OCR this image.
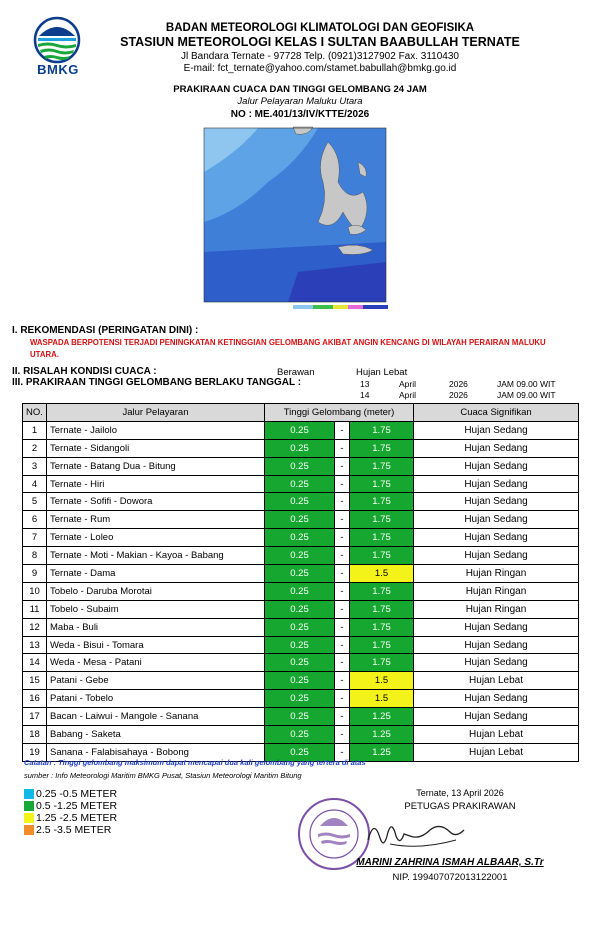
BMKG
BADAN METEOROLOGI KLIMATOLOGI DAN GEOFISIKA
STASIUN METEOROLOGI KELAS I SULTAN BAABULLAH TERNATE
Jl Bandara Ternate - 97728 Telp. (0921)3127902 Fax. 3110430
E-mail: fct_ternate@yahoo.com/stamet.babullah@bmkg.go.id
PRAKIRAAN CUACA DAN TINGGI GELOMBANG 24 JAM
Jalur Pelayaran Maluku Utara
NO : ME.401/13/IV/KTTE/2026
I. REKOMENDASI (PERINGATAN DINI) :
WASPADA BERPOTENSI TERJADI PENINGKATAN KETINGGIAN GELOMBANG AKIBAT ANGIN KENCANG DI WILAYAH PERAIRAN MALUKU UTARA.
II. RISALAH KONDISI CUACA :	Berawan	Hujan Lebat
III. PRAKIRAAN TINGGI GELOMBANG BERLAKU TANGGAL :	13	April	2026	JAM 09.00 WIT
14	April	2026	JAM 09.00 WIT
NO.	Jalur Pelayaran	Tinggi Gelombang (meter)			Cuaca Signifikan
1	Ternate - Jailolo	0.25	-	1.75	Hujan Sedang
2	Ternate - Sidangoli	0.25	-	1.75	Hujan Sedang
3	Ternate - Batang Dua - Bitung	0.25	-	1.75	Hujan Sedang
4	Ternate - Hiri	0.25	-	1.75	Hujan Sedang
5	Ternate - Sofifi - Dowora	0.25	-	1.75	Hujan Sedang
6	Ternate - Rum	0.25	-	1.75	Hujan Sedang
7	Ternate - Loleo	0.25	-	1.75	Hujan Sedang
8	Ternate - Moti - Makian - Kayoa - Babang	0.25	-	1.75	Hujan Sedang
9	Ternate - Dama	0.25	-	1.5	Hujan Ringan
10	Tobelo - Daruba Morotai	0.25	-	1.75	Hujan Ringan
11	Tobelo - Subaim	0.25	-	1.75	Hujan Ringan
12	Maba - Buli	0.25	-	1.75	Hujan Sedang
13	Weda - Bisui - Tomara	0.25	-	1.75	Hujan Sedang
14	Weda - Mesa - Patani	0.25	-	1.75	Hujan Sedang
15	Patani - Gebe	0.25	-	1.5	Hujan Lebat
16	Patani - Tobelo	0.25	-	1.5	Hujan Sedang
17	Bacan - Laiwui - Mangole - Sanana	0.25	-	1.25	Hujan Sedang
18	Babang - Saketa	0.25	-	1.25	Hujan Lebat
19	Sanana - Falabisahaya - Bobong	0.25	-	1.25	Hujan Lebat
Catatan : Tinggi gelombang maksimum dapat mencapai dua kali gelombang yang tertera di atas
sumber : Info Meteorologi Maritim BMKG Pusat, Stasiun Meteorologi Maritim Bitung
0.25 -0.5 METER
0.5 -1.25 METER
1.25 -2.5 METER
2.5 -3.5 METER
Ternate, 13 April 2026
PETUGAS PRAKIRAWAN
MARINI ZAHRINA ISMAH ALBAAR, S.Tr
NIP. 199407072013122001
